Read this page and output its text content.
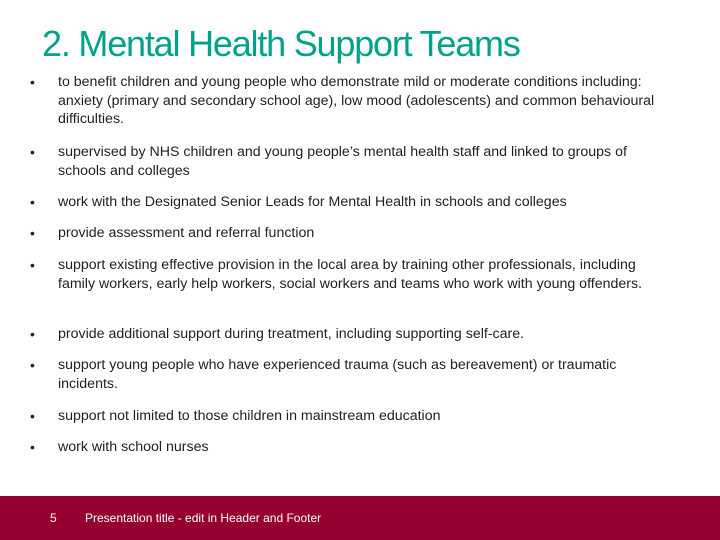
2. Mental Health Support Teams
• to benefit children and young people who demonstrate mild or moderate conditions including: anxiety (primary and secondary school age), low mood (adolescents) and common behavioural difficulties.
• supervised by NHS children and young people’s mental health staff and linked to groups of schools and colleges
• work with the Designated Senior Leads for Mental Health in schools and colleges
• provide assessment and referral function
• support existing effective provision in the local area by training other professionals, including family workers, early help workers, social workers and teams who work with young offenders.
• provide additional support during treatment, including supporting self-care.
• support young people who have experienced trauma (such as bereavement) or traumatic incidents.
• support not limited to those children in mainstream education
• work with school nurses
5 Presentation title - edit in Header and Footer
